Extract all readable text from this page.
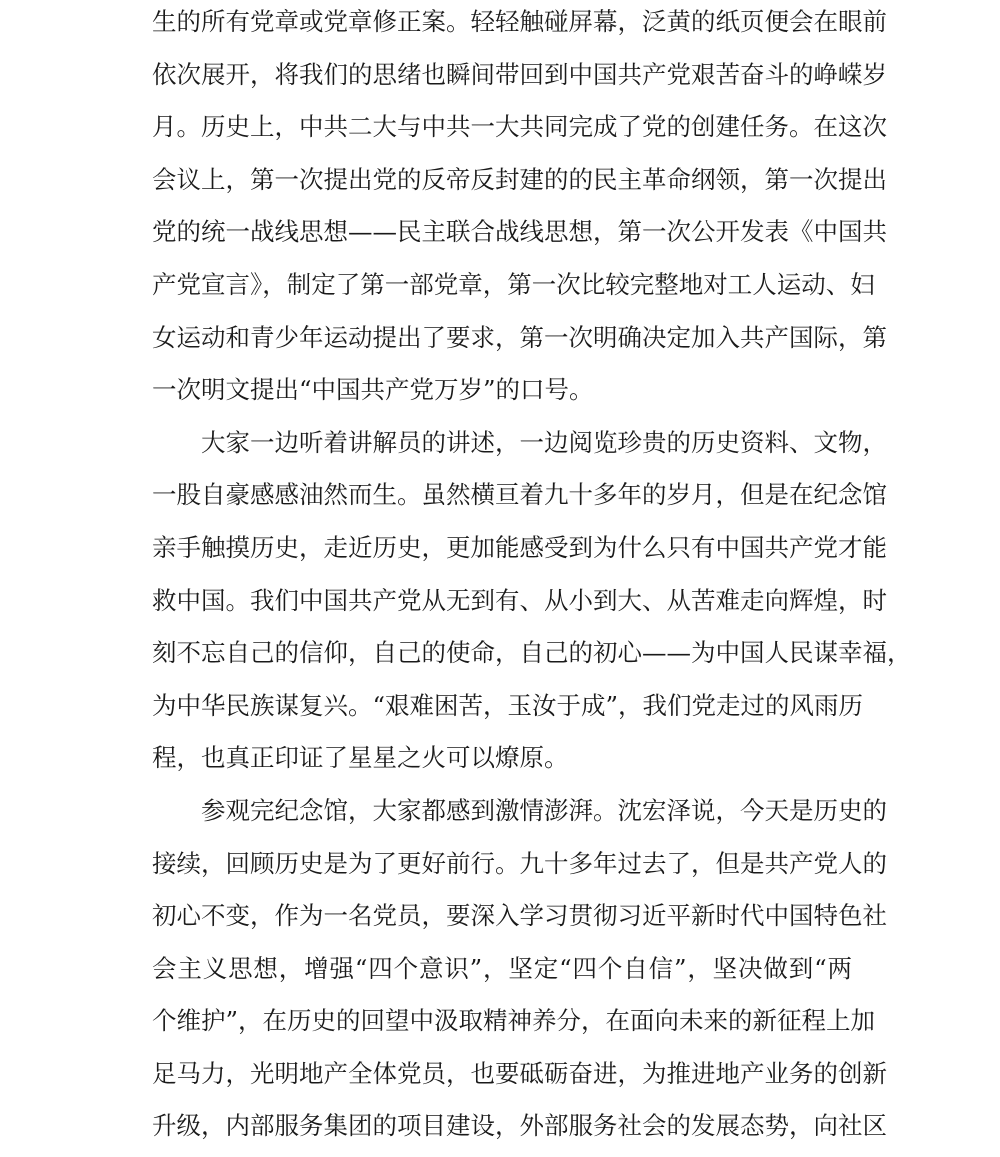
生的所有党章或党章修正案。轻轻触碰屏幕，泛黄的纸页便会在眼前
依次展开，将我们的思绪也瞬间带回到中国共产党艰苦奋斗的峥嵘岁
月。历史上，中共二大与中共一大共同完成了党的创建任务。在这次
会议上，第一次提出党的反帝反封建的的民主革命纲领，第一次提出
党的统一战线思想——民主联合战线思想，第一次公开发表《中国共
产党宣言》，制定了第一部党章，第一次比较完整地对工人运动、妇
女运动和青少年运动提出了要求，第一次明确决定加入共产国际，第
一次明文提出“中国共产党万岁”的口号。
大家一边听着讲解员的讲述，一边阅览珍贵的历史资料、文物，
一股自豪感感油然而生。虽然横亘着九十多年的岁月，但是在纪念馆
亲手触摸历史，走近历史，更加能感受到为什么只有中国共产党才能
救中国。我们中国共产党从无到有、从小到大、从苦难走向辉煌，时
刻不忘自己的信仰，自己的使命，自己的初心——为中国人民谋幸福，
为中华民族谋复兴。“艰难困苦，玉汝于成”，我们党走过的风雨历
程，也真正印证了星星之火可以燎原。
参观完纪念馆，大家都感到激情澎湃。沈宏泽说，今天是历史的
接续，回顾历史是为了更好前行。九十多年过去了，但是共产党人的
初心不变，作为一名党员，要深入学习贯彻习近平新时代中国特色社
会主义思想，增强“四个意识”，坚定“四个自信”，坚决做到“两
个维护”，在历史的回望中汲取精神养分，在面向未来的新征程上加
足马力，光明地产全体党员，也要砥砺奋进，为推进地产业务的创新
升级，内部服务集团的项目建设，外部服务社会的发展态势，向社区
